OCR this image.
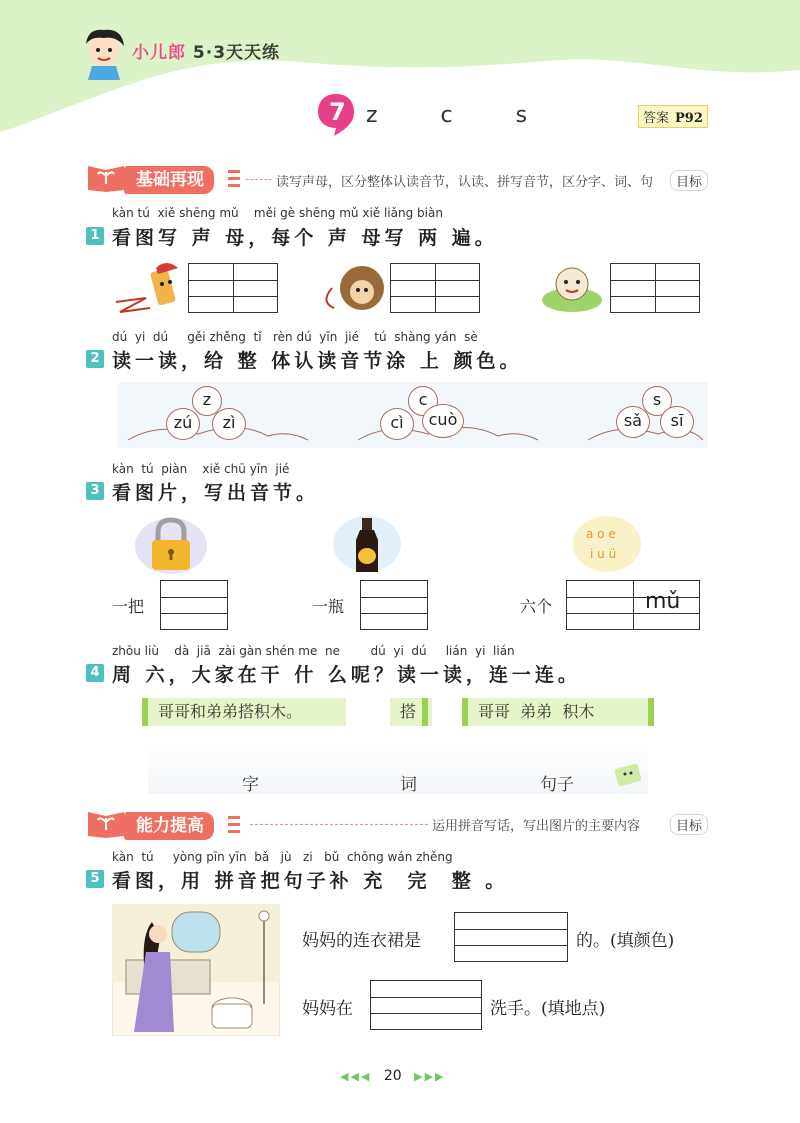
小儿郎 5·3天天练
7 z c s	答案 P92
基础再现	读写声母，区分整体认读音节，认读、拼写音节，区分字、词、句	目标
kàn tú  xiě shēng mǔ    měi gè shēng mǔ xiě liǎng biàn
1 看图写 声 母，每个 声 母写 两 遍。
dú  yi  dú     gěi zhěng  tǐ   rèn dú  yīn  jié    tú  shàng yán  sè
2 读一读，给 整 体认读音节涂 上 颜色。
z
zú	zì
c
cì	cuò
s
sǎ	sī
kàn  tú  piàn    xiě chū yīn  jié
3 看图片，写出音节。
a o e
i u ü
一把	一瓶	六个	mǔ
zhōu liù    dà  jiā  zài gàn shén me  ne        dú  yi  dú     lián  yi  lián
4 周 六，大家在干 什 么呢？读一读，连一连。
哥哥和弟弟搭积木。	搭	哥哥  弟弟  积木
字	词	句子
能力提高	运用拼音写话，写出图片的主要内容	目标
kàn  tú     yòng pīn yīn  bǎ   jù   zi   bǔ  chōng wán zhěng
5 看图，用 拼音把句子补 充  完  整 。
妈妈的连衣裙是	的。(填颜色)
妈妈在	洗手。(填地点)
◀◀◀ 20 ▶▶▶
